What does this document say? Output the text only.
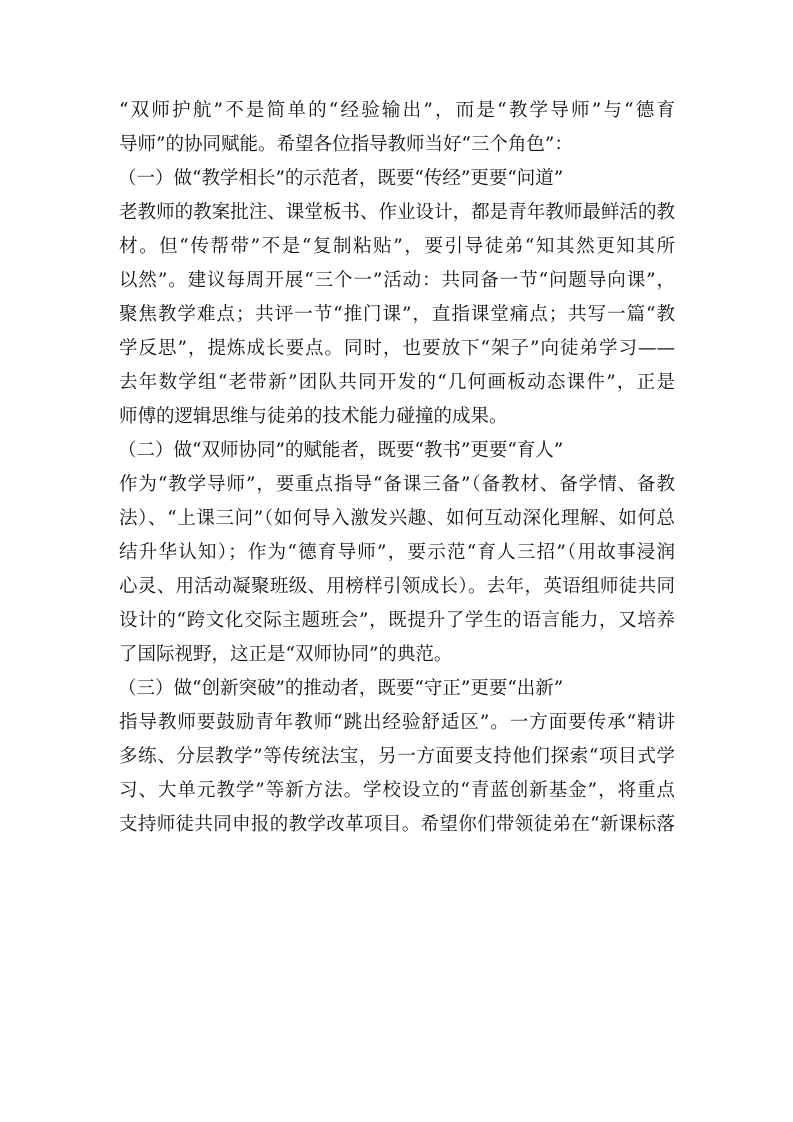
“双师护航”不是简单的“经验输出”，而是“教学导师”与“德育
导师”的协同赋能。希望各位指导教师当好“三个角色”：
（一）做“教学相长”的示范者，既要“传经”更要“问道”
老教师的教案批注、课堂板书、作业设计，都是青年教师最鲜活的教
材。但“传帮带”不是“复制粘贴”，要引导徒弟“知其然更知其所
以然”。建议每周开展“三个一”活动：共同备一节“问题导向课”，
聚焦教学难点；共评一节“推门课”，直指课堂痛点；共写一篇“教
学反思”，提炼成长要点。同时，也要放下“架子”向徒弟学习——
去年数学组“老带新”团队共同开发的“几何画板动态课件”，正是
师傅的逻辑思维与徒弟的技术能力碰撞的成果。
（二）做“双师协同”的赋能者，既要“教书”更要“育人”
作为“教学导师”，要重点指导“备课三备”（备教材、备学情、备教
法）、“上课三问”（如何导入激发兴趣、如何互动深化理解、如何总
结升华认知）；作为“德育导师”，要示范“育人三招”（用故事浸润
心灵、用活动凝聚班级、用榜样引领成长）。去年，英语组师徒共同
设计的“跨文化交际主题班会”，既提升了学生的语言能力，又培养
了国际视野，这正是“双师协同”的典范。
（三）做“创新突破”的推动者，既要“守正”更要“出新”
指导教师要鼓励青年教师“跳出经验舒适区”。一方面要传承“精讲
多练、分层教学”等传统法宝，另一方面要支持他们探索“项目式学
习、大单元教学”等新方法。学校设立的“青蓝创新基金”，将重点
支持师徒共同申报的教学改革项目。希望你们带领徒弟在“新课标落
